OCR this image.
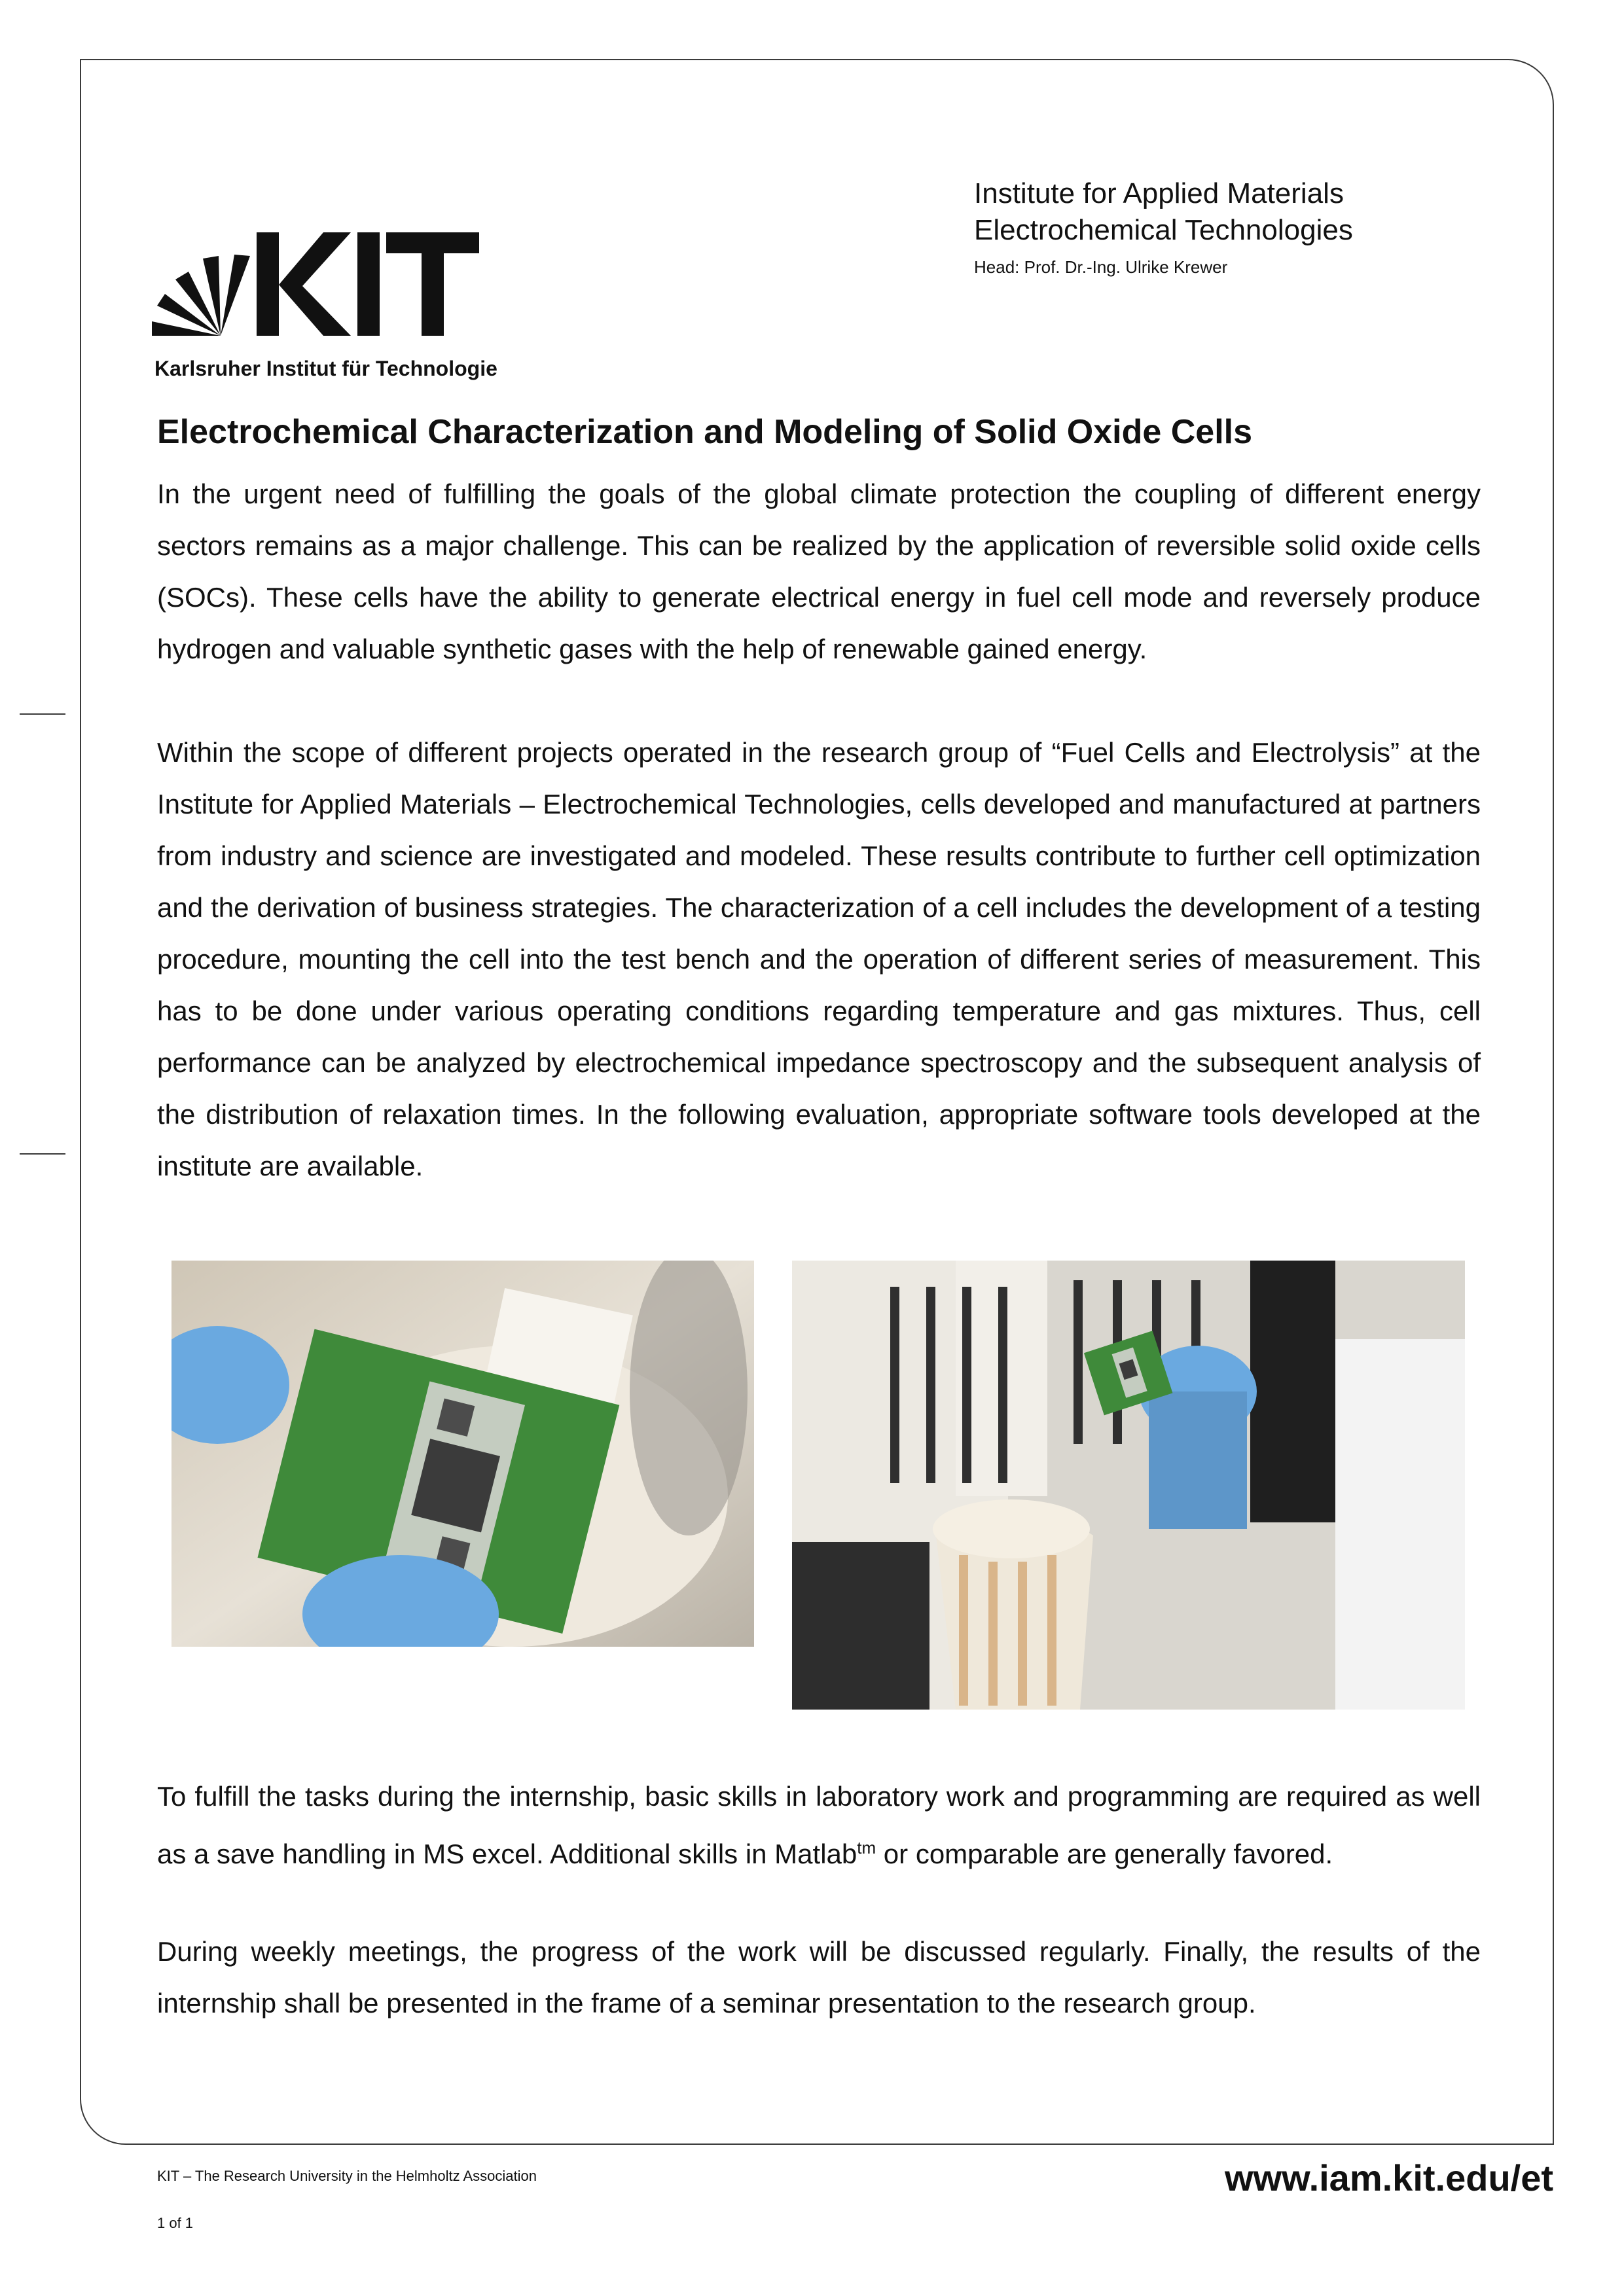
Institute for Applied Materials
Electrochemical Technologies
Head: Prof. Dr.-Ing. Ulrike Krewer
Karlsruher Institut für Technologie
Electrochemical Characterization and Modeling of Solid Oxide Cells

In the urgent need of fulfilling the goals of the global climate protection the coupling of different energy sectors remains as a major challenge. This can be realized by the application of reversible solid oxide cells (SOCs). These cells have the ability to generate electrical energy in fuel cell mode and reversely produce hydrogen and valuable synthetic gases with the help of renewable gained energy.

Within the scope of different projects operated in the research group of “Fuel Cells and Electrolysis” at the Institute for Applied Materials – Electrochemical Technologies, cells developed and manufactured at partners from industry and science are investigated and modeled. These results contribute to further cell optimization and the derivation of business strategies. The characterization of a cell includes the development of a testing procedure, mounting the cell into the test bench and the operation of different series of measurement. This has to be done under various operating conditions regarding temperature and gas mixtures. Thus, cell performance can be analyzed by electrochemical impedance spectroscopy and the subsequent analysis of the distribution of relaxation times. In the following evaluation, appropriate software tools developed at the institute are available.

To fulfill the tasks during the internship, basic skills in laboratory work and programming are required as well as a save handling in MS excel. Additional skills in Matlab$^{tm}$ or comparable are generally favored.

During weekly meetings, the progress of the work will be discussed regularly. Finally, the results of the internship shall be presented in the frame of a seminar presentation to the research group.

KIT – The Research University in the Helmholtz Association
1 of 1
www.iam.kit.edu/et
